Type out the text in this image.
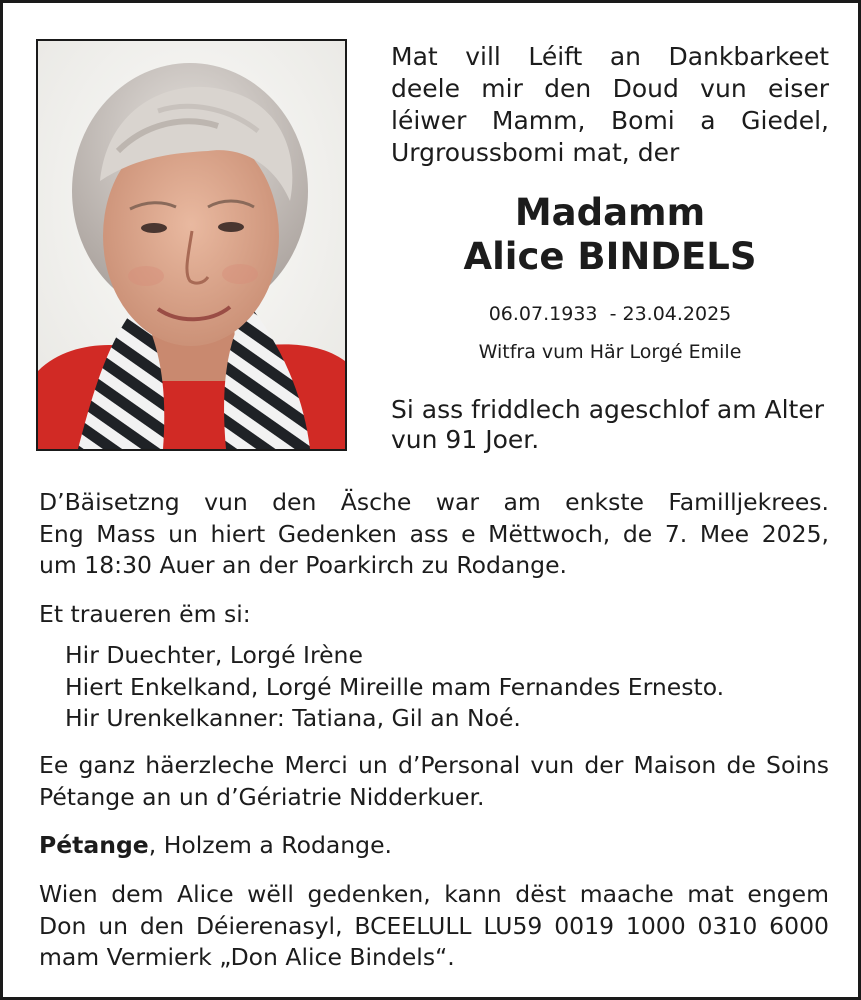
Mat vill Léift an Dankbarkeet
deele mir den Doud vun eiser
léiwer Mamm, Bomi a Giedel,
Urgroussbomi mat, der

Madamm
Alice BINDELS

06.07.1933  - 23.04.2025

Witfra vum Här Lorgé Emile

Si ass friddlech ageschlof am Alter
vun 91 Joer.

D’Bäisetzng vun den Äsche war am enkste Familljekrees.
Eng Mass un hiert Gedenken ass e Mëttwoch, de 7. Mee 2025,
um 18:30 Auer an der Poarkirch zu Rodange.

Et traueren ëm si:

Hir Duechter, Lorgé Irène
Hiert Enkelkand, Lorgé Mireille mam Fernandes Ernesto.
Hir Urenkelkanner: Tatiana, Gil an Noé.

Ee ganz häerzleche Merci un d’Personal vun der Maison de Soins
Pétange an un d’Gériatrie Nidderkuer.

Pétange, Holzem a Rodange.

Wien dem Alice wëll gedenken, kann dëst maache mat engem
Don un den Déierenasyl, BCEELULL LU59 0019 1000 0310 6000
mam Vermierk „Don Alice Bindels“.
